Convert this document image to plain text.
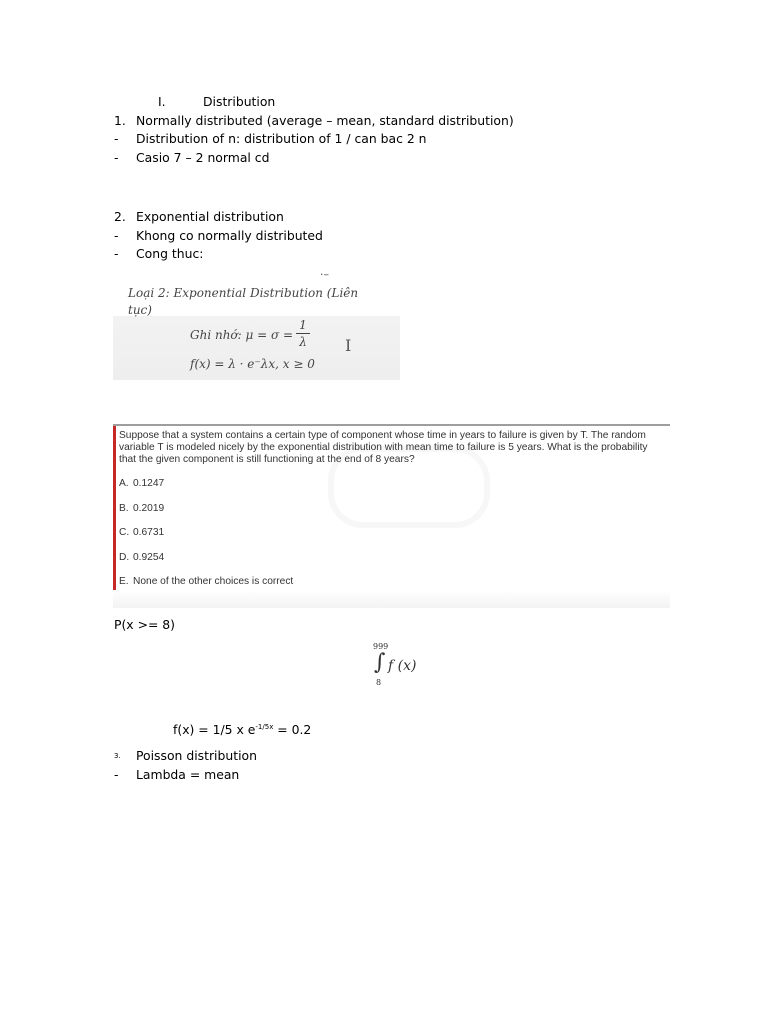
I.	Distribution
1. Normally distributed (average – mean, standard distribution)
- Distribution of n: distribution of 1 / can bac 2 n
- Casio 7 – 2 normal cd
2. Exponential distribution
- Khong co normally distributed
- Cong thuc:
·–
Loại 2: Exponential Distribution (Liên
tục)
Ghi nhớ: μ = σ =
1
λ
f(x) = λ · e⁻λx, x ≥ 0
I
Suppose that a system contains a certain type of component whose time in years to failure is given by T. The random variable T is modeled nicely by the exponential distribution with mean time to failure is 5 years. What is the probability that the given component is still functioning at the end of 8 years?
A. 0.1247
B. 0.2019
C. 0.6731
D. 0.9254
E. None of the other choices is correct
P(x >= 8)
999
∫
8
f (x)
f(x) = 1/5 x $e^{-1/5x} = 0.2$
3. Poisson distribution
- Lambda = mean
